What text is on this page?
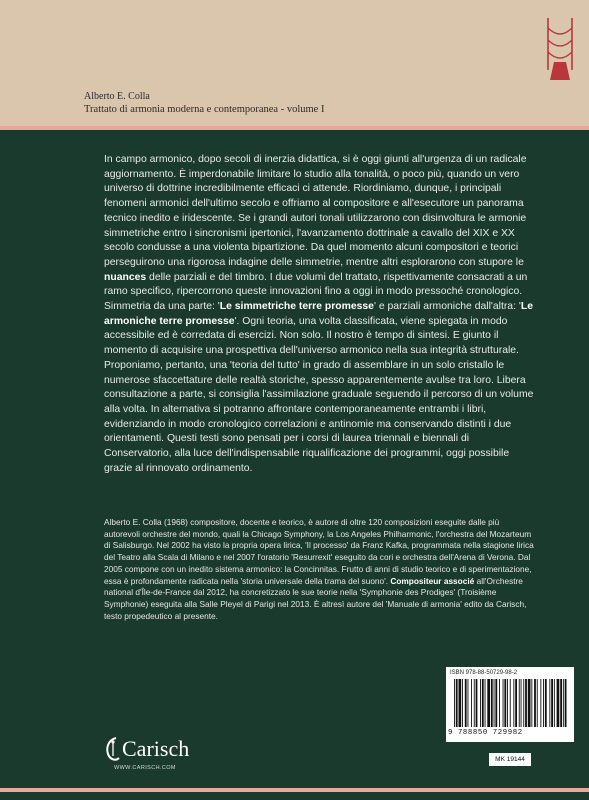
Alberto E. Colla
Trattato di armonia moderna e contemporanea - volume I

In campo armonico, dopo secoli di inerzia didattica, si è oggi giunti all'urgenza di un radicale aggiornamento. È imperdonabile limitare lo studio alla tonalità, o poco più, quando un vero universo di dottrine incredibilmente efficaci ci attende. Riordiniamo, dunque, i principali fenomeni armonici dell'ultimo secolo e offriamo al compositore e all'esecutore un panorama tecnico inedito e iridescente. Se i grandi autori tonali utilizzarono con disinvoltura le armonie simmetriche entro i sincronismi ipertonici, l'avanzamento dottrinale a cavallo del XIX e XX secolo condusse a una violenta bipartizione. Da quel momento alcuni compositori e teorici perseguirono una rigorosa indagine delle simmetrie, mentre altri esplorarono con stupore le nuances delle parziali e del timbro. I due volumi del trattato, rispettivamente consacrati a un ramo specifico, ripercorrono queste innovazioni fino a oggi in modo pressoché cronologico. Simmetria da una parte: 'Le simmetriche terre promesse' e parziali armoniche dall'altra: 'Le armoniche terre promesse'. Ogni teoria, una volta classificata, viene spiegata in modo accessibile ed è corredata di esercizi. Non solo. Il nostro è tempo di sintesi. E giunto il momento di acquisire una prospettiva dell'universo armonico nella sua integrità strutturale. Proponiamo, pertanto, una 'teoria del tutto' in grado di assemblare in un solo cristallo le numerose sfaccettature delle realtà storiche, spesso apparentemente avulse tra loro. Libera consultazione a parte, si consiglia l'assimilazione graduale seguendo il percorso di un volume alla volta. In alternativa si potranno affrontare contemporaneamente entrambi i libri, evidenziando in modo cronologico correlazioni e antinomie ma conservando distinti i due orientamenti. Questi testi sono pensati per i corsi di laurea triennali e biennali di Conservatorio, alla luce dell'indispensabile riqualificazione dei programmi, oggi possibile grazie al rinnovato ordinamento.

Alberto E. Colla (1968) compositore, docente e teorico, è autore di oltre 120 composizioni eseguite dalle più autorevoli orchestre del mondo, quali la Chicago Symphony, la Los Angeles Philharmonic, l'orchestra del Mozarteum di Salisburgo. Nel 2002 ha visto la propria opera lirica, 'Il processo' da Franz Kafka, programmata nella stagione lirica del Teatro alla Scala di Milano e nel 2007 l'oratorio 'Resurrexit' eseguito da cori e orchestra dell'Arena di Verona. Dal 2005 compone con un inedito sistema armonico: la Concinnitas. Frutto di anni di studio teorico e di sperimentazione, essa è profondamente radicata nella 'storia universale della trama del suono'. Compositeur associé all'Orchestre national d'Île-de-France dal 2012, ha concretizzato le sue teorie nella 'Symphonie des Prodiges' (Troisième Symphonie) eseguita alla Salle Pleyel di Parigi nel 2013. È altresì autore del 'Manuale di armonia' edito da Carisch, testo propedeutico al presente.

Carisch
WWW.CARISCH.COM
ISBN 978-88-50729-98-2
9 788850 729982
MK 19144
